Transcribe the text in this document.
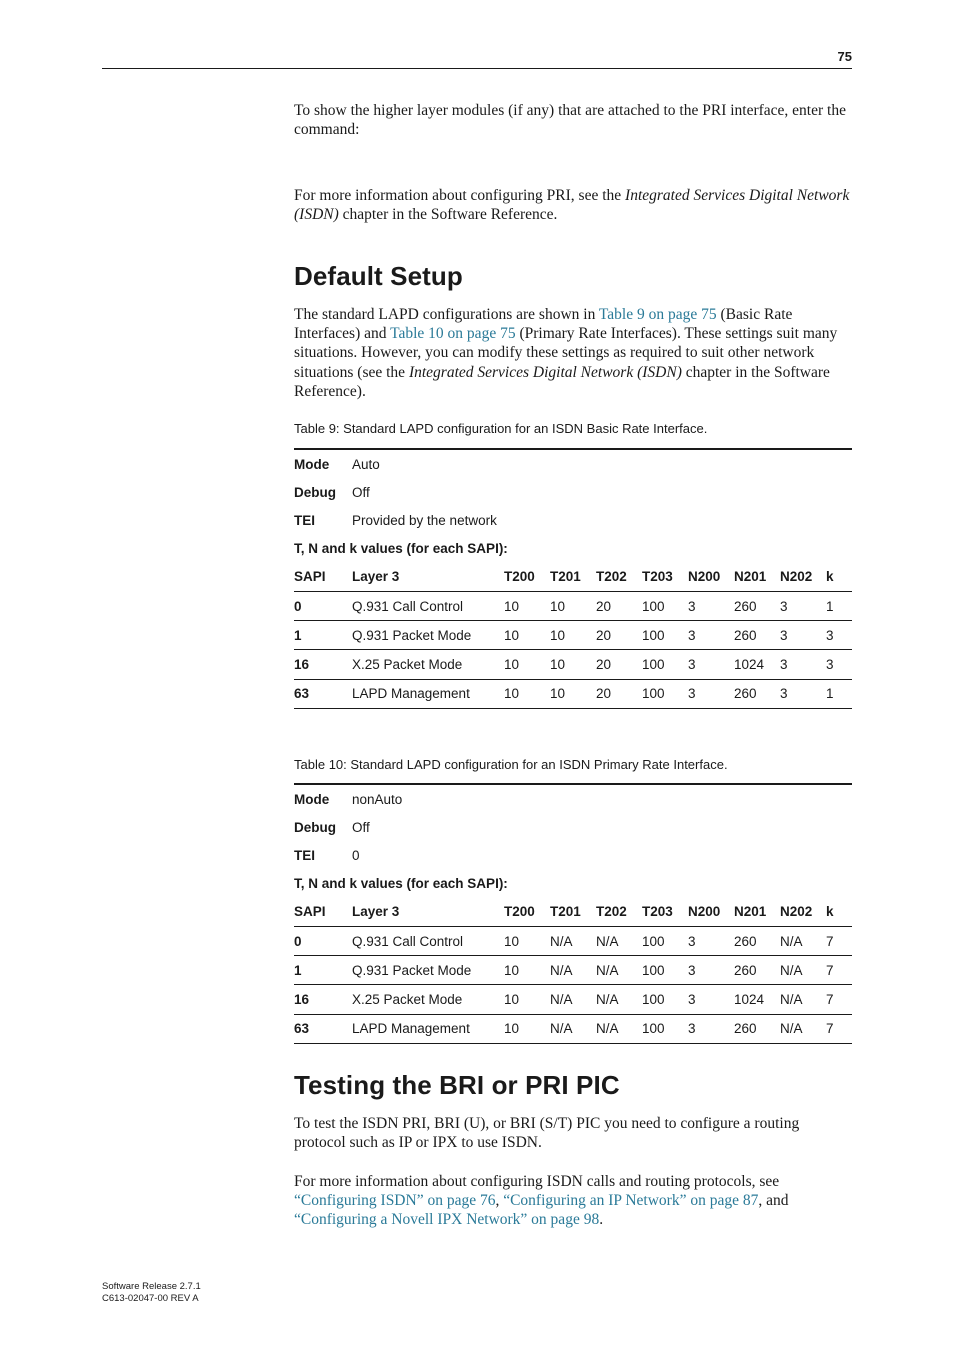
75

To show the higher layer modules (if any) that are attached to the PRI interface, enter the command:

For more information about configuring PRI, see the Integrated Services Digital Network (ISDN) chapter in the Software Reference.

Default Setup

The standard LAPD configurations are shown in Table 9 on page 75 (Basic Rate Interfaces) and Table 10 on page 75 (Primary Rate Interfaces). These settings suit many situations. However, you can modify these settings as required to suit other network situations (see the Integrated Services Digital Network (ISDN) chapter in the Software Reference).

Table 9: Standard LAPD configuration for an ISDN Basic Rate Interface.

Mode	Auto								
Debug	Off								
TEI	Provided by the network								
T, N and k values (for each SAPI):									
SAPI	Layer 3	T200	T201	T202	T203	N200	N201	N202	k
0	Q.931 Call Control	10	10	20	100	3	260	3	1
1	Q.931 Packet Mode	10	10	20	100	3	260	3	3
16	X.25 Packet Mode	10	10	20	100	3	1024	3	3
63	LAPD Management	10	10	20	100	3	260	3	1

Table 10: Standard LAPD configuration for an ISDN Primary Rate Interface.

Mode	nonAuto								
Debug	Off								
TEI	0								
T, N and k values (for each SAPI):									
SAPI	Layer 3	T200	T201	T202	T203	N200	N201	N202	k
0	Q.931 Call Control	10	N/A	N/A	100	3	260	N/A	7
1	Q.931 Packet Mode	10	N/A	N/A	100	3	260	N/A	7
16	X.25 Packet Mode	10	N/A	N/A	100	3	1024	N/A	7
63	LAPD Management	10	N/A	N/A	100	3	260	N/A	7
Testing the BRI or PRI PIC

To test the ISDN PRI, BRI (U), or BRI (S/T) PIC you need to configure a routing protocol such as IP or IPX to use ISDN.

For more information about configuring ISDN calls and routing protocols, see “Configuring ISDN” on page 76, “Configuring an IP Network” on page 87, and “Configuring a Novell IPX Network” on page 98.

Software Release 2.7.1
C613-02047-00 REV A
